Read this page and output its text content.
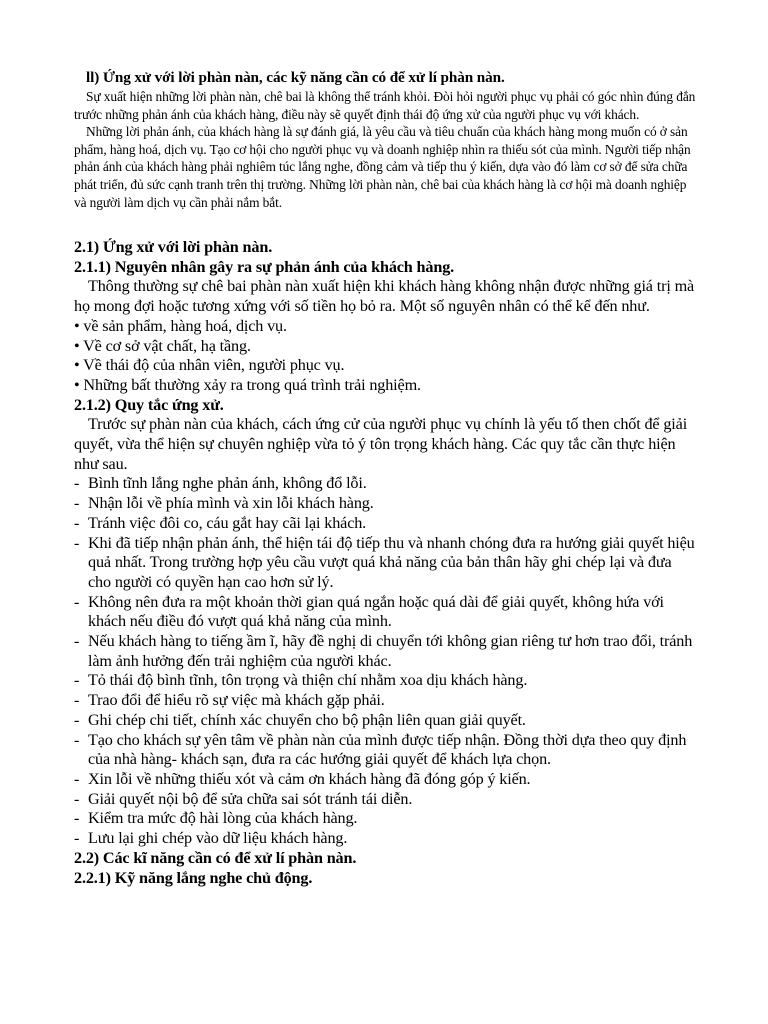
ll) Ứng xử với lời phàn nàn, các kỹ năng cần có để xử lí phàn nàn.

Sự xuất hiện những lời phàn nàn, chê bai là không thể tránh khỏi. Đòi hỏi người phục vụ phải có góc nhìn đúng đắn trước những phản ánh của khách hàng, điều này sẽ quyết định thái độ ứng xử của người phục vụ với khách.

Những lời phản ánh, của khách hàng là sự đánh giá, là yêu cầu và tiêu chuẩn của khách hàng mong muốn có ở sản phẩm, hàng hoá, dịch vụ. Tạo cơ hội cho người phục vụ và doanh nghiệp nhìn ra thiếu sót của mình. Người tiếp nhận phản ánh của khách hàng phải nghiêm túc lắng nghe, đồng cảm và tiếp thu ý kiến, dựa vào đó làm cơ sở để sửa chữa phát triển, đủ sức cạnh tranh trên thị trường. Những lời phàn nàn, chê bai của khách hàng là cơ hội mà doanh nghiệp và người làm dịch vụ cần phải nắm bắt.

2.1) Ứng xử với lời phàn nàn.

2.1.1) Nguyên nhân gây ra sự phản ánh của khách hàng.

Thông thường sự chê bai phàn nàn xuất hiện khi khách hàng không nhận được những giá trị mà họ mong đợi hoặc tương xứng với số tiền họ bỏ ra. Một số nguyên nhân có thể kể đến như.

• về sản phẩm, hàng hoá, dịch vụ.
• Về cơ sở vật chất, hạ tầng.
• Về thái độ của nhân viên, người phục vụ.
• Những bất thường xảy ra trong quá trình trải nghiệm.

2.1.2) Quy tắc ứng xử.

Trước sự phàn nàn của khách, cách ứng cử của người phục vụ chính là yếu tố then chốt để giải quyết, vừa thể hiện sự chuyên nghiệp vừa tỏ ý tôn trọng khách hàng. Các quy tắc cần thực hiện như sau.

- Bình tĩnh lắng nghe phản ánh, không đổ lỗi.
- Nhận lỗi về phía mình và xin lỗi khách hàng.
- Tránh việc đôi co, cáu gắt hay cãi lại khách.
- Khi đã tiếp nhận phản ánh, thể hiện tái độ tiếp thu và nhanh chóng đưa ra hướng giải quyết hiệu quả nhất. Trong trường hợp yêu cầu vượt quá khả năng của bản thân hãy ghi chép lại và đưa cho người có quyền hạn cao hơn sử lý.
- Không nên đưa ra một khoản thời gian quá ngắn hoặc quá dài để giải quyết, không hứa với khách nếu điều đó vượt quá khả năng của mình.
- Nếu khách hàng to tiếng ầm ĩ, hãy đề nghị di chuyển tới không gian riêng tư hơn trao đổi, tránh làm ảnh hưởng đến trải nghiệm của người khác.
- Tỏ thái độ bình tĩnh, tôn trọng và thiện chí nhằm xoa dịu khách hàng.
- Trao đổi để hiểu rõ sự việc mà khách gặp phải.
- Ghi chép chi tiết, chính xác chuyển cho bộ phận liên quan giải quyết.
- Tạo cho khách sự yên tâm về phàn nàn của mình được tiếp nhận. Đồng thời dựa theo quy định của nhà hàng- khách sạn, đưa ra các hướng giải quyết để khách lựa chọn.
- Xin lỗi về những thiếu xót và cảm ơn khách hàng đã đóng góp ý kiến.
- Giải quyết nội bộ để sửa chữa sai sót tránh tái diễn.
- Kiểm tra mức độ hài lòng của khách hàng.
- Lưu lại ghi chép vào dữ liệu khách hàng.

2.2) Các kĩ năng cần có để xử lí phàn nàn.

2.2.1) Kỹ năng lắng nghe chủ động.
